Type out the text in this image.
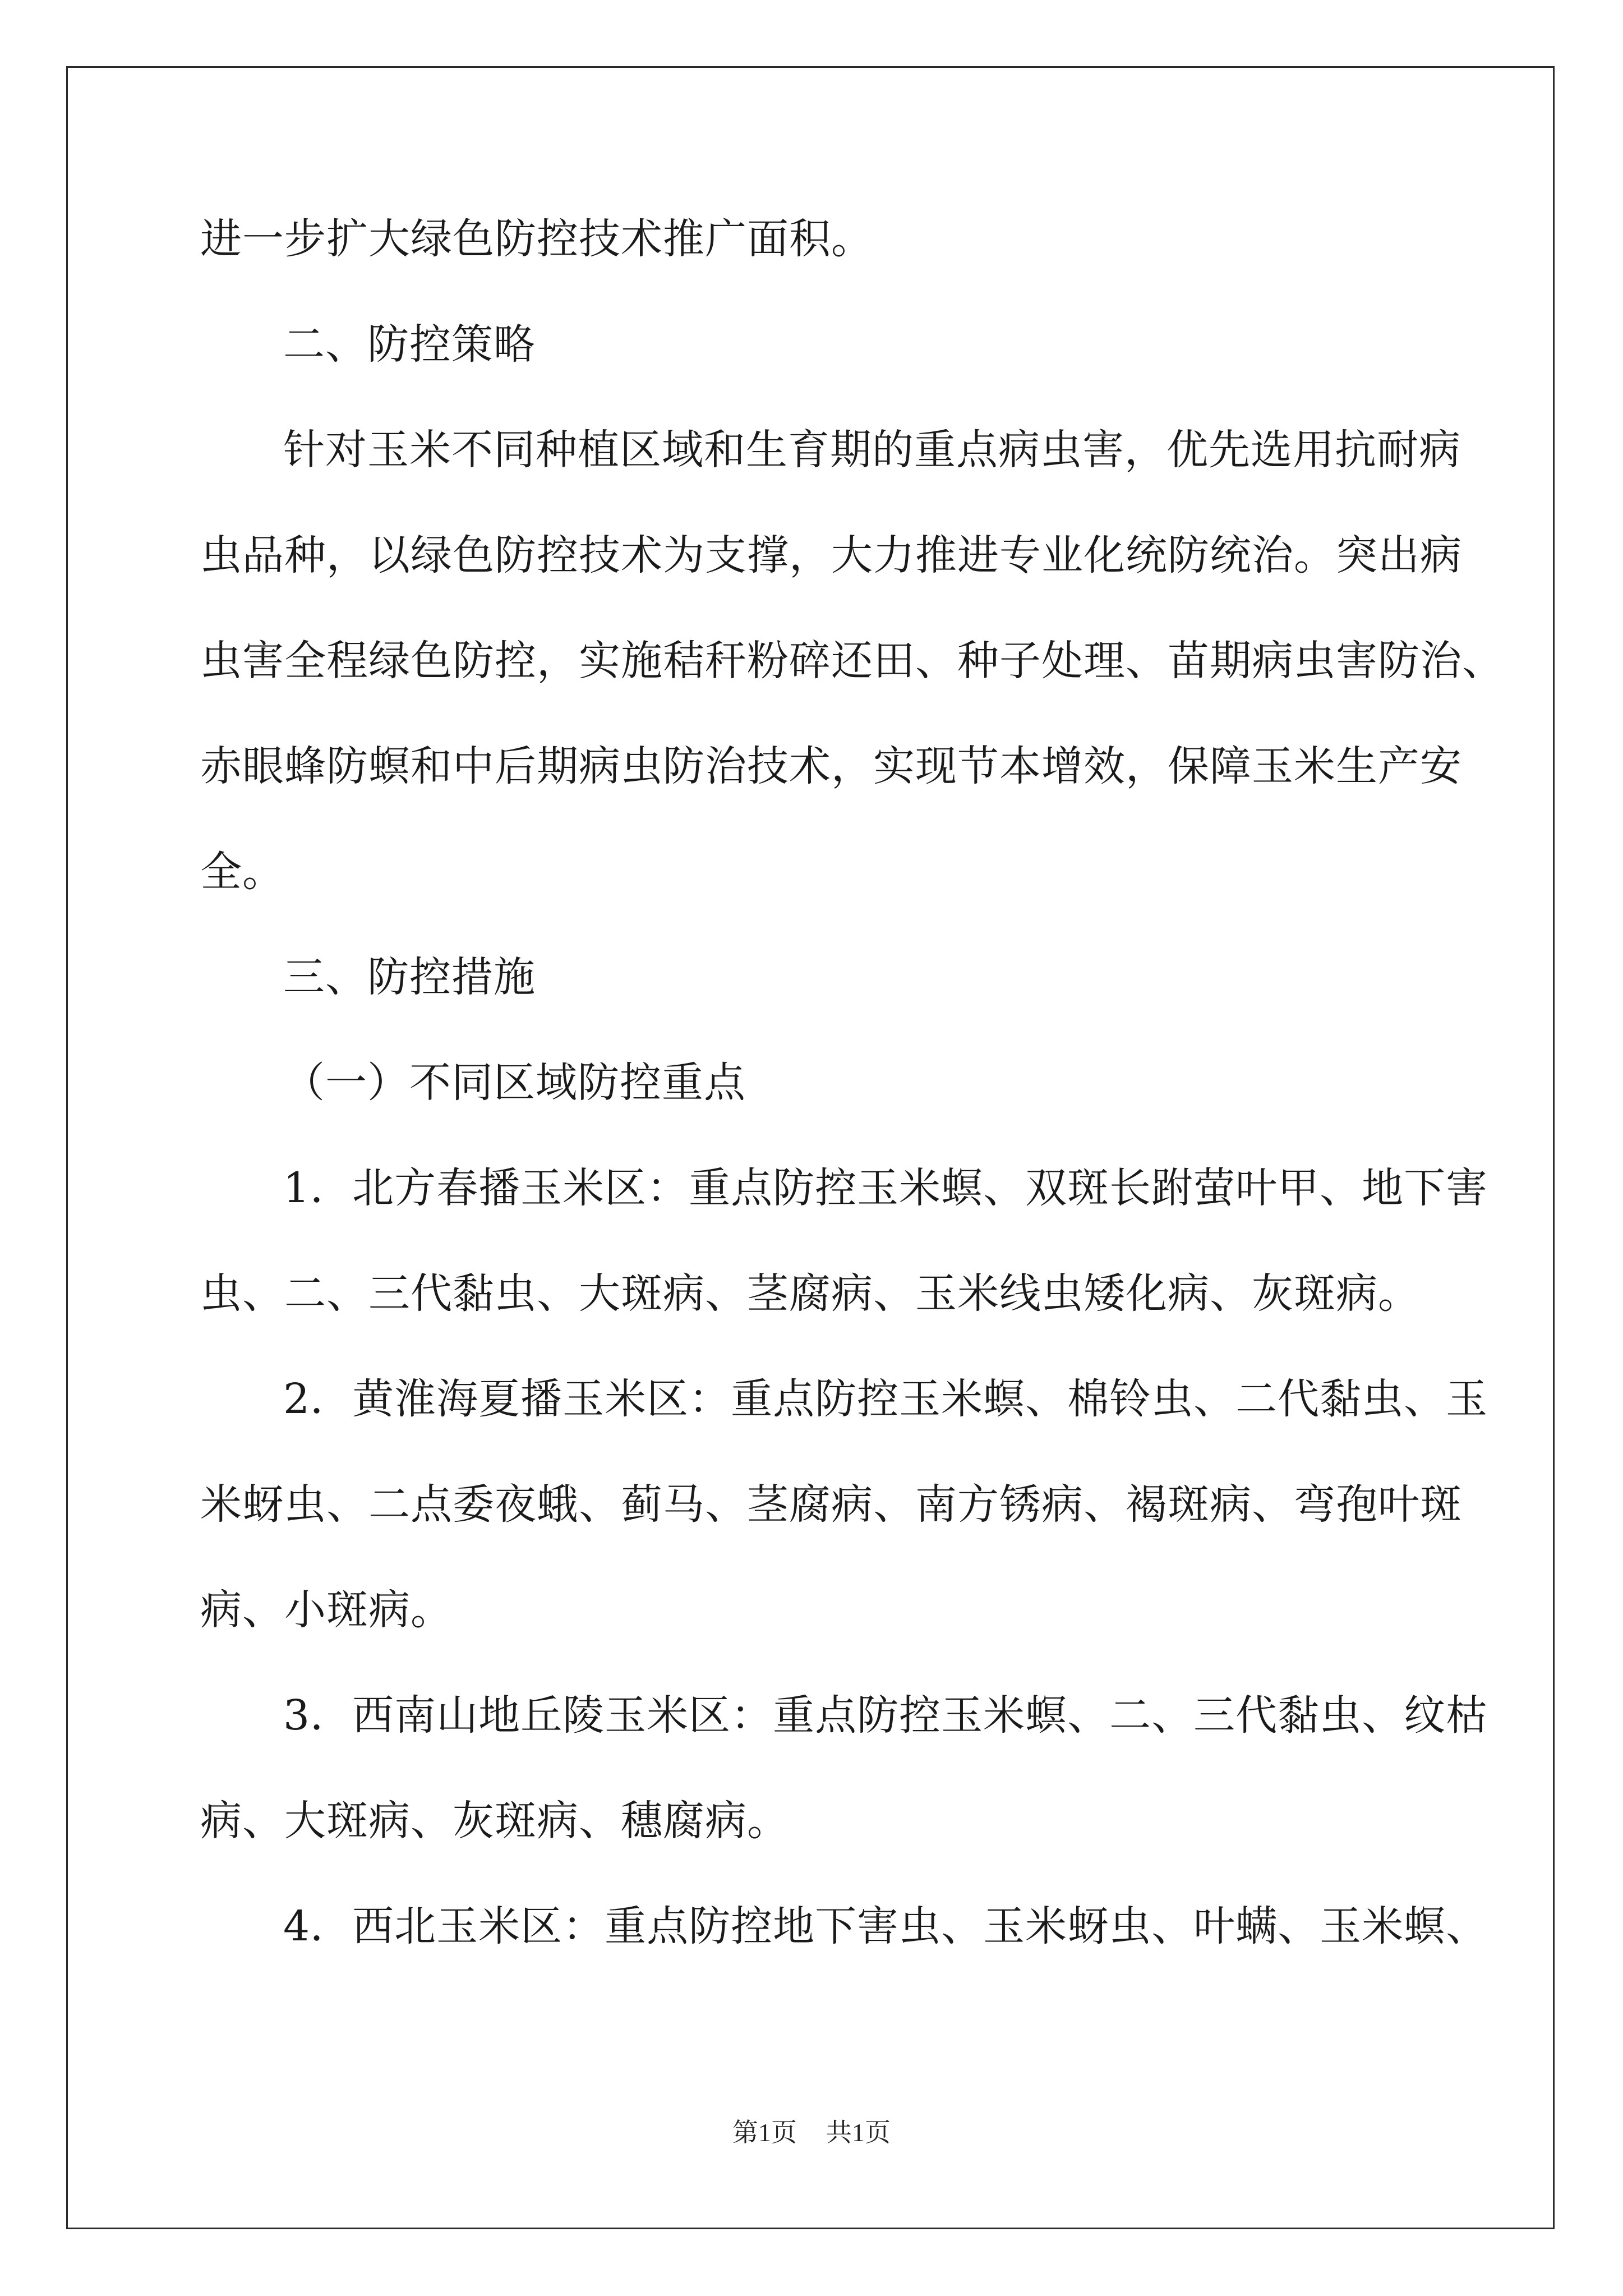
进一步扩大绿色防控技术推广面积。
二、防控策略
针对玉米不同种植区域和生育期的重点病虫害，优先选用抗耐病
虫品种，以绿色防控技术为支撑，大力推进专业化统防统治。突出病
虫害全程绿色防控，实施秸秆粉碎还田、种子处理、苗期病虫害防治、
赤眼蜂防螟和中后期病虫防治技术，实现节本增效，保障玉米生产安
全。
三、防控措施
（一）不同区域防控重点
1．北方春播玉米区：重点防控玉米螟、双斑长跗萤叶甲、地下害
虫、二、三代黏虫、大斑病、茎腐病、玉米线虫矮化病、灰斑病。
2．黄淮海夏播玉米区：重点防控玉米螟、棉铃虫、二代黏虫、玉
米蚜虫、二点委夜蛾、蓟马、茎腐病、南方锈病、褐斑病、弯孢叶斑
病、小斑病。
3．西南山地丘陵玉米区：重点防控玉米螟、二、三代黏虫、纹枯
病、大斑病、灰斑病、穗腐病。
4．西北玉米区：重点防控地下害虫、玉米蚜虫、叶螨、玉米螟、
第1页 共1页
